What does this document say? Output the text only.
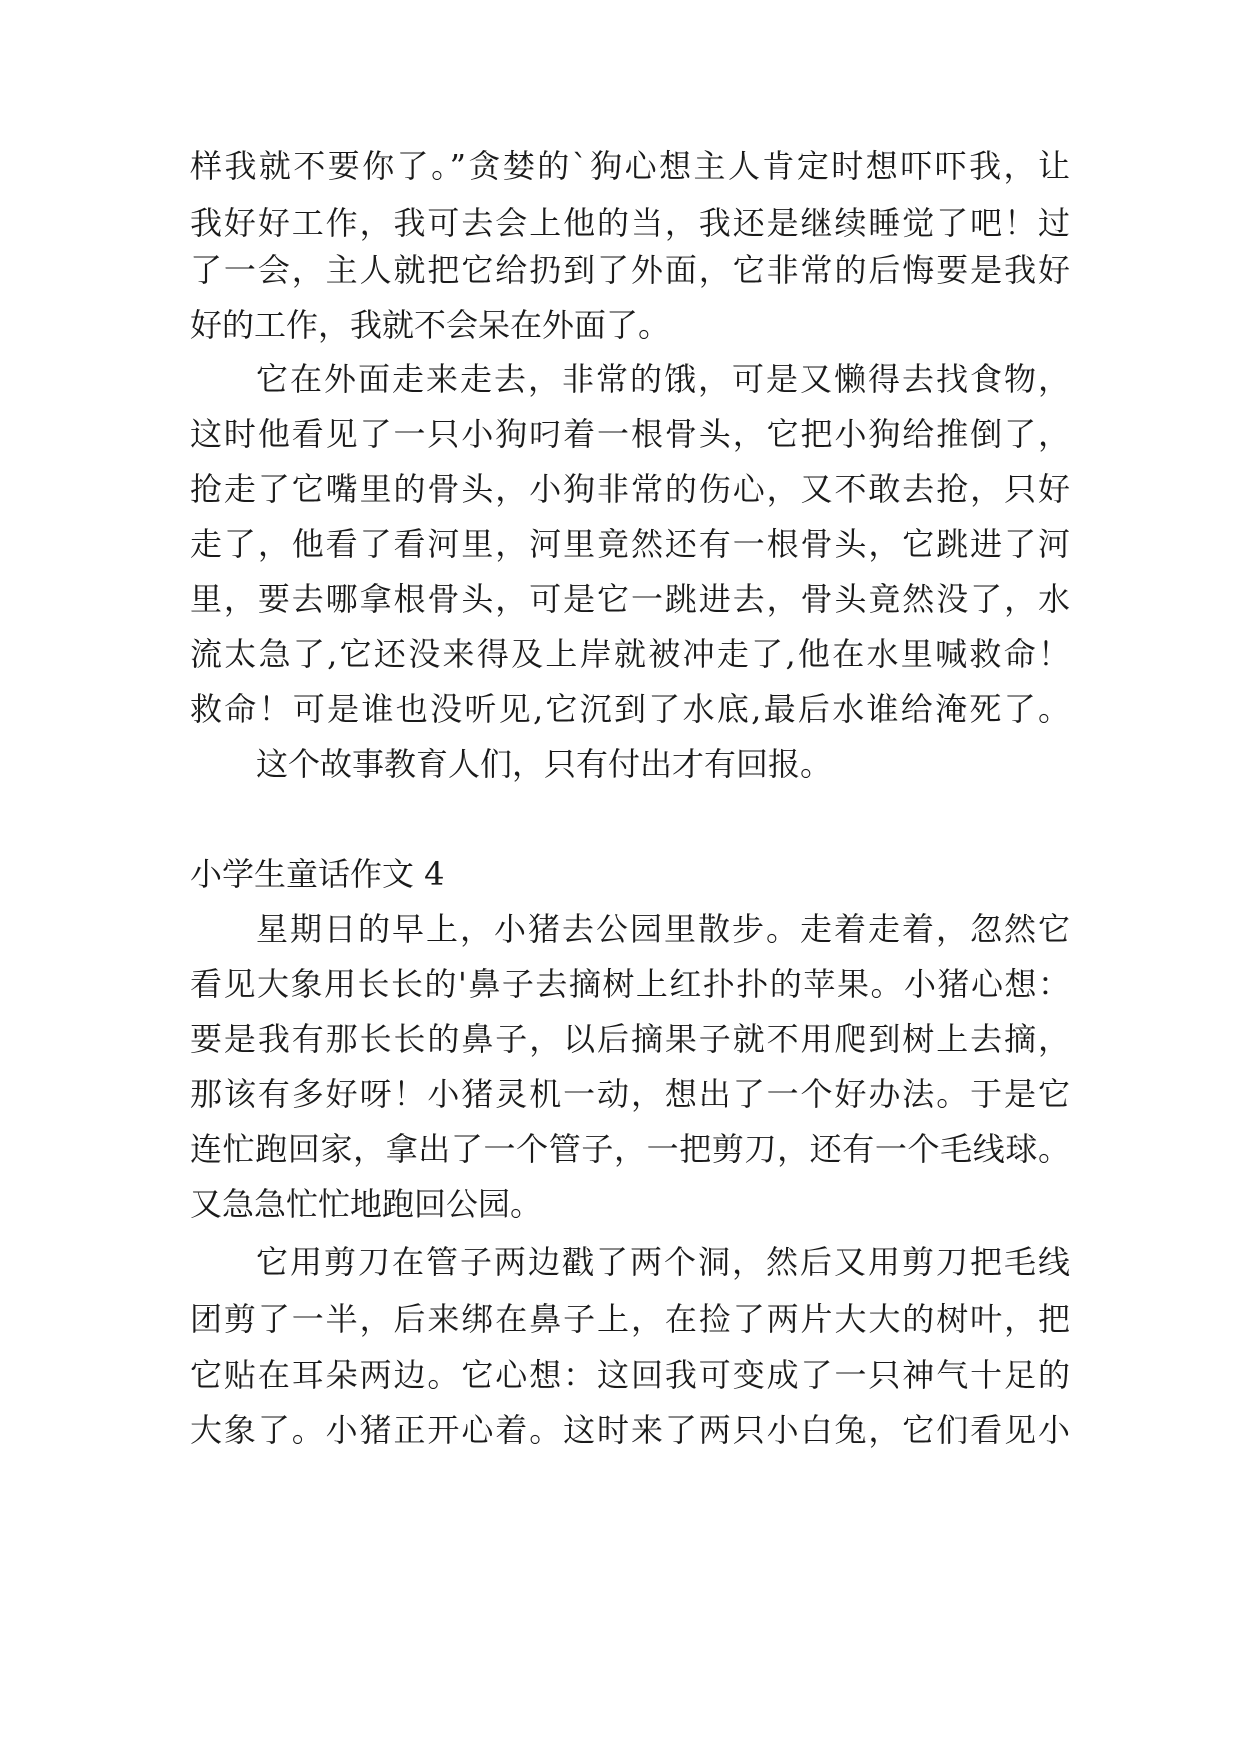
样我就不要你了。”贪婪的`狗心想主人肯定时想吓吓我，让
我好好工作，我可去会上他的当，我还是继续睡觉了吧！过
了一会，主人就把它给扔到了外面，它非常的后悔要是我好
好的工作，我就不会呆在外面了。
它在外面走来走去，非常的饿，可是又懒得去找食物，
这时他看见了一只小狗叼着一根骨头，它把小狗给推倒了，
抢走了它嘴里的骨头，小狗非常的伤心，又不敢去抢，只好
走了，他看了看河里，河里竟然还有一根骨头，它跳进了河
里，要去哪拿根骨头，可是它一跳进去，骨头竟然没了，水
流太急了,它还没来得及上岸就被冲走了,他在水里喊救命！
救命！可是谁也没听见,它沉到了水底,最后水谁给淹死了。
这个故事教育人们，只有付出才有回报。
小学生童话作文 4
星期日的早上，小猪去公园里散步。走着走着，忽然它
看见大象用长长的'鼻子去摘树上红扑扑的苹果。小猪心想：
要是我有那长长的鼻子，以后摘果子就不用爬到树上去摘，
那该有多好呀！小猪灵机一动，想出了一个好办法。于是它
连忙跑回家，拿出了一个管子，一把剪刀，还有一个毛线球。
又急急忙忙地跑回公园。
它用剪刀在管子两边戳了两个洞，然后又用剪刀把毛线
团剪了一半，后来绑在鼻子上，在捡了两片大大的树叶，把
它贴在耳朵两边。它心想：这回我可变成了一只神气十足的
大象了。小猪正开心着。这时来了两只小白兔，它们看见小
